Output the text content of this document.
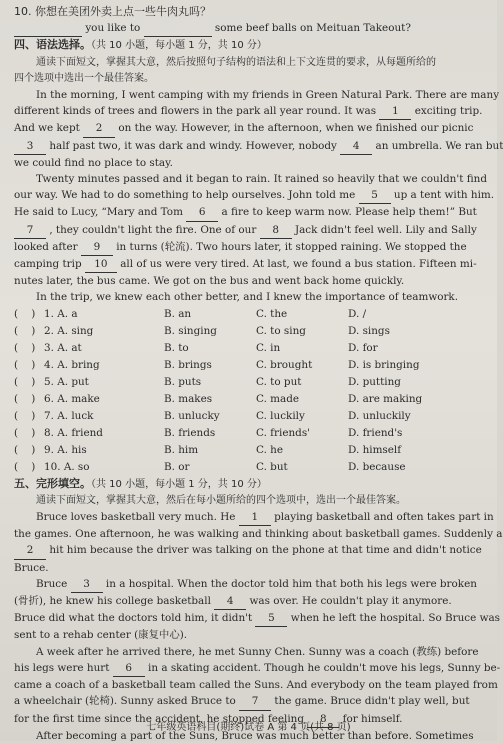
10. 你想在美团外卖上点一些牛肉丸吗？
you like to	some beef balls on Meituan Takeout?
四、语法选择。（共 10 小题，每小题 1 分，共 10 分）
通读下面短文，掌握其大意，然后按照句子结构的语法和上下文连贯的要求，从每题所给的
四个选项中选出一个最佳答案。
In the morning, I went camping with my friends in Green Natural Park. There are many
different kinds of trees and flowers in the park all year round. It was 1 exciting trip.
And we kept 2 on the way. However, in the afternoon, when we finished our picnic
3 half past two, it was dark and windy. However, nobody 4 an umbrella. We ran but
we could find no place to stay.
Twenty minutes passed and it began to rain. It rained so heavily that we couldn't find
our way. We had to do something to help ourselves. John told me 5 up a tent with him.
He said to Lucy, “Mary and Tom 6 a fire to keep warm now. Please help them!” But
7 , they couldn't light the fire. One of our 8 Jack didn't feel well. Lily and Sally
looked after 9 in turns (轮流). Two hours later, it stopped raining. We stopped the
camping trip 10 all of us were very tired. At last, we found a bus station. Fifteen mi-
nutes later, the bus came. We got on the bus and went back home quickly.
In the trip, we knew each other better, and I knew the importance of teamwork.
(    )	1. A. a	B. an	C. the	D. /
(    )	2. A. sing	B. singing	C. to sing	D. sings
(    )	3. A. at	B. to	C. in	D. for
(    )	4. A. bring	B. brings	C. brought	D. is bringing
(    )	5. A. put	B. puts	C. to put	D. putting
(    )	6. A. make	B. makes	C. made	D. are making
(    )	7. A. luck	B. unlucky	C. luckily	D. unluckily
(    )	8. A. friend	B. friends	C. friends'	D. friend's
(    )	9. A. his	B. him	C. he	D. himself
(    )	10. A. so	B. or	C. but	D. because
五、完形填空。（共 10 小题，每小题 1 分，共 10 分）
通读下面短文，掌握其大意，然后在每小题所给的四个选项中，选出一个最佳答案。
Bruce loves basketball very much. He 1 playing basketball and often takes part in
the games. One afternoon, he was walking and thinking about basketball games. Suddenly a
2 hit him because the driver was talking on the phone at that time and didn't notice
Bruce.
Bruce 3 in a hospital. When the doctor told him that both his legs were broken
(骨折), he knew his college basketball 4 was over. He couldn't play it anymore.
Bruce did what the doctors told him, it didn't 5 when he left the hospital. So Bruce was
sent to a rehab center (康复中心).
A week after he arrived there, he met Sunny Chen. Sunny was a coach (教练) before
his legs were hurt 6 in a skating accident. Though he couldn't move his legs, Sunny be-
came a coach of a basketball team called the Suns. And everybody on the team played from
a wheelchair (轮椅). Sunny asked Bruce to 7 the game. Bruce didn't play well, but
for the first time since the accident, he stopped feeling 8 for himself.
After becoming a part of the Suns, Bruce was much better than before. Sometimes
七年级英语科目(期终)试卷 A 第 4 页(共 8 页)
